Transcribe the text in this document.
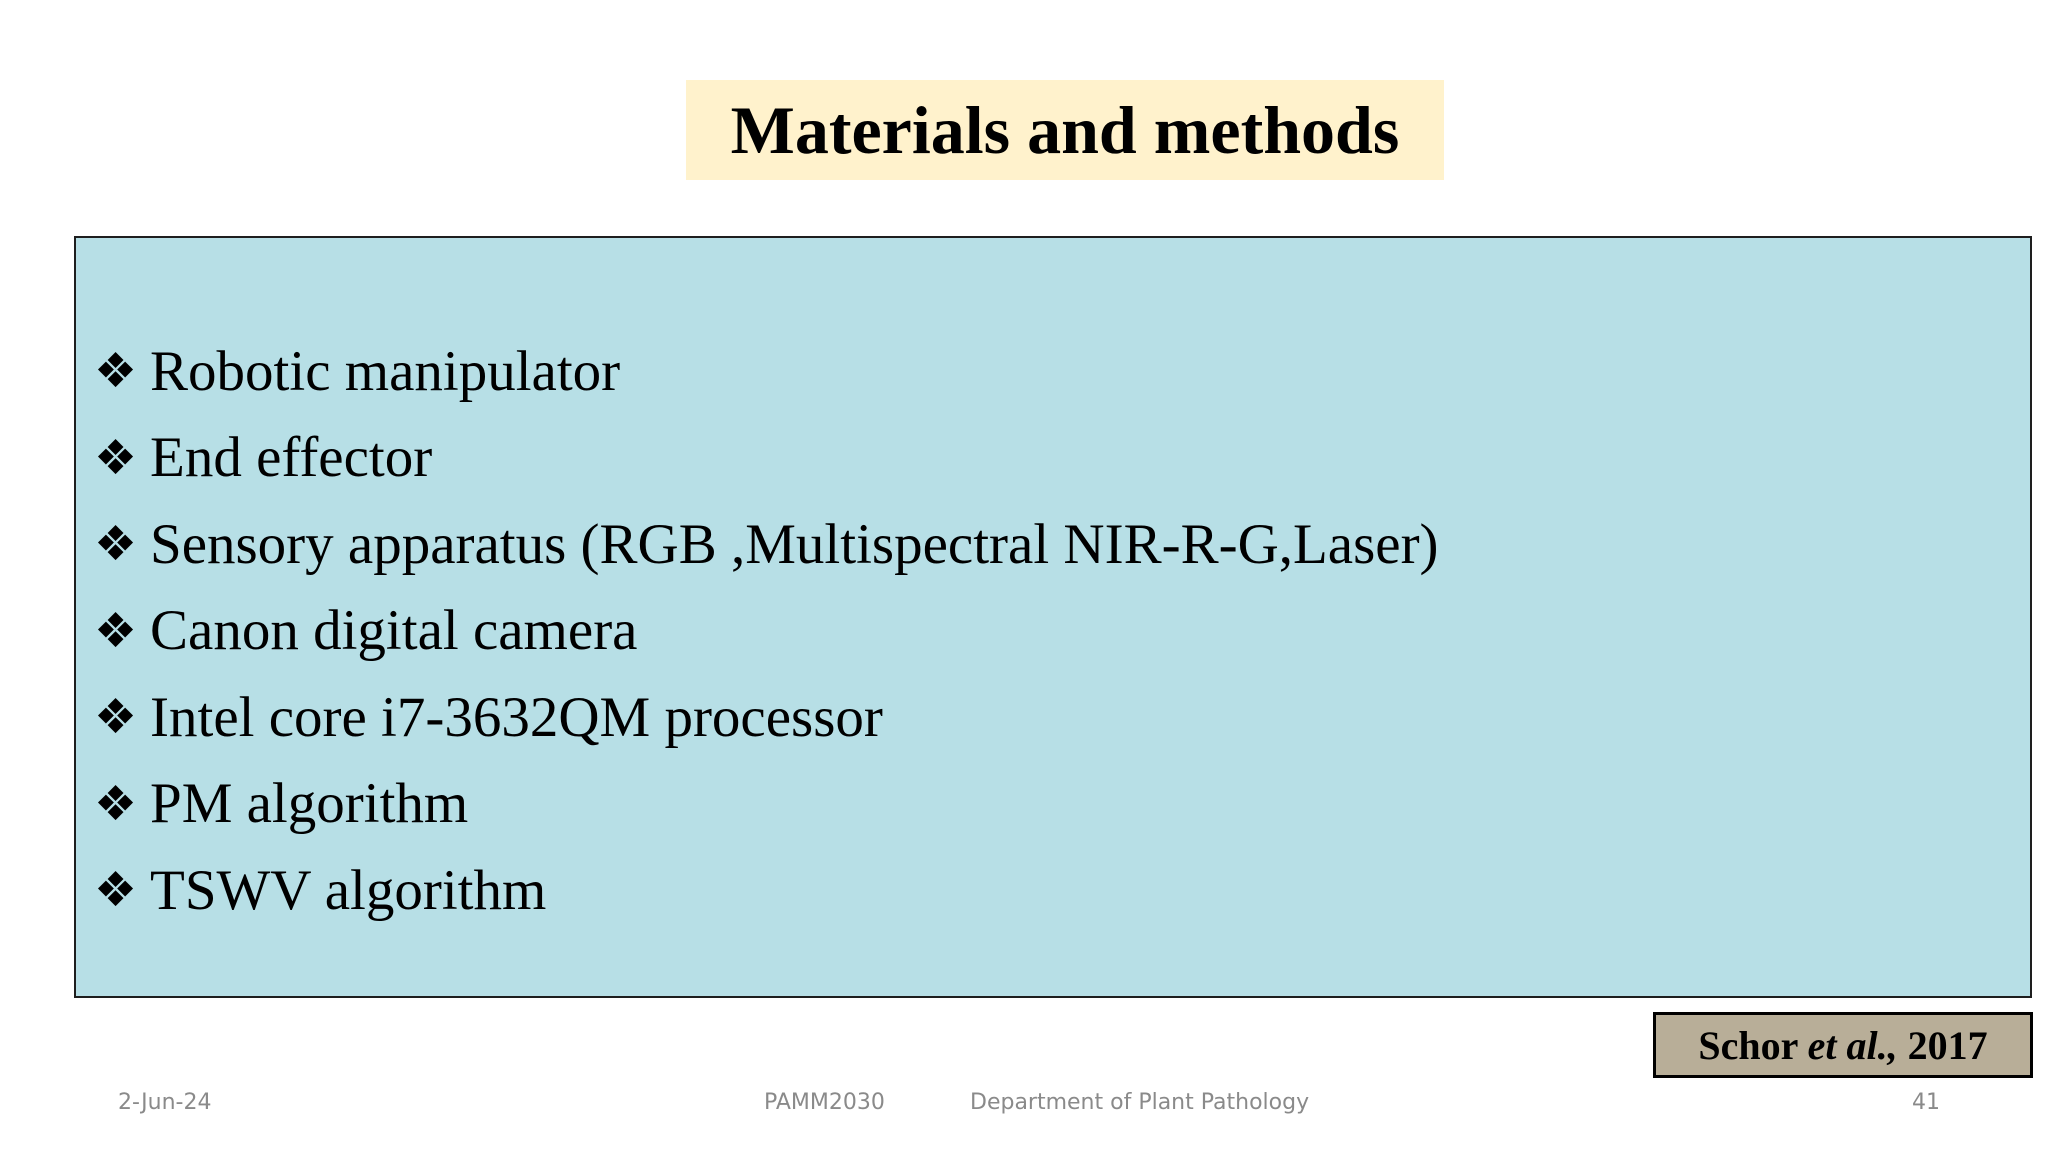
Materials and methods
❖ Robotic manipulator
❖ End effector
❖ Sensory apparatus (RGB ,Multispectral NIR-R-G,Laser)
❖ Canon digital camera
❖ Intel core i7-3632QM processor
❖ PM algorithm
❖ TSWV algorithm
Schor et al., 2017
2-Jun-24	PAMM2030	Department of Plant Pathology	41
